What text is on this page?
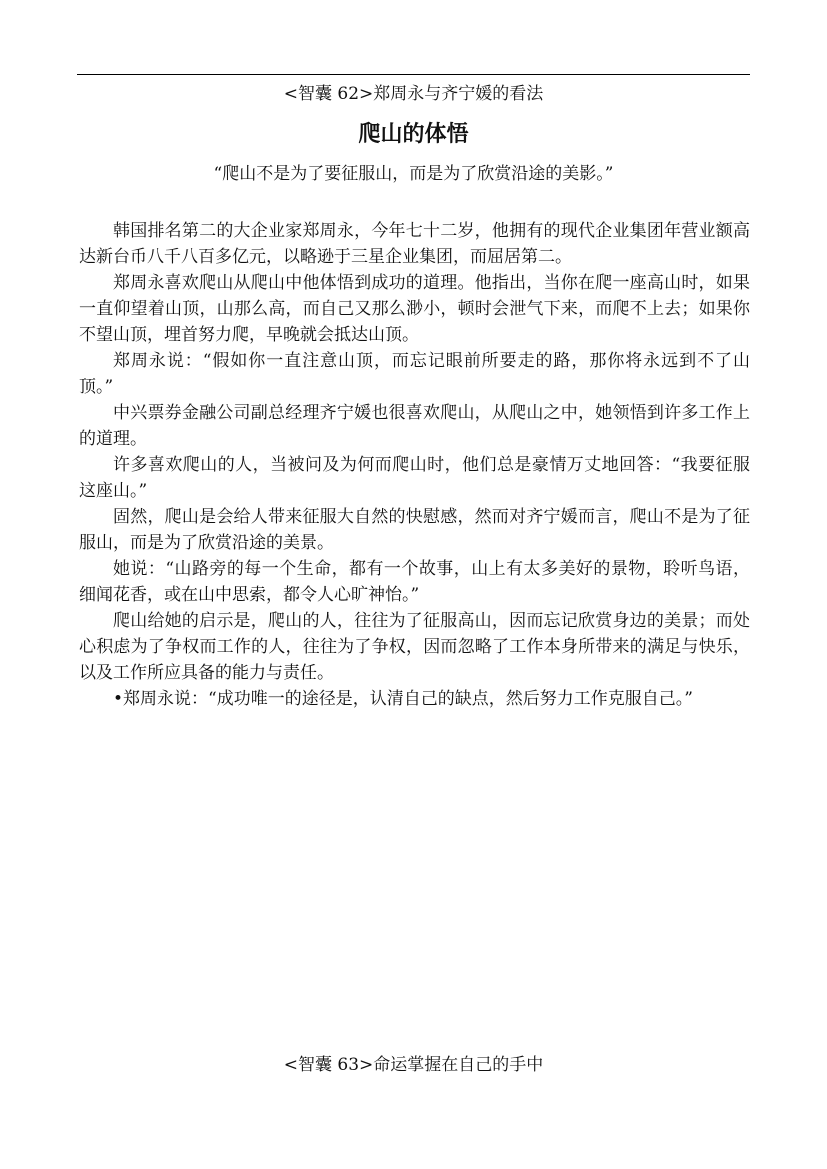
<智囊 62>郑周永与齐宁媛的看法
爬山的体悟
“爬山不是为了要征服山，而是为了欣赏沿途的美影。”

韩国排名第二的大企业家郑周永，今年七十二岁，他拥有的现代企业集团年营业额高达新台币八千八百多亿元，以略逊于三星企业集团，而屈居第二。

郑周永喜欢爬山从爬山中他体悟到成功的道理。他指出，当你在爬一座高山时，如果一直仰望着山顶，山那么高，而自己又那么渺小，顿时会泄气下来，而爬不上去；如果你不望山顶，埋首努力爬，早晚就会抵达山顶。

郑周永说：“假如你一直注意山顶，而忘记眼前所要走的路，那你将永远到不了山顶。”

中兴票券金融公司副总经理齐宁媛也很喜欢爬山，从爬山之中，她领悟到许多工作上的道理。

许多喜欢爬山的人，当被问及为何而爬山时，他们总是豪情万丈地回答：“我要征服这座山。”

固然，爬山是会给人带来征服大自然的快慰感，然而对齐宁媛而言，爬山不是为了征服山，而是为了欣赏沿途的美景。

她说：“山路旁的每一个生命，都有一个故事，山上有太多美好的景物，聆听鸟语，细闻花香，或在山中思索，都令人心旷神怡。”

爬山给她的启示是，爬山的人，往往为了征服高山，因而忘记欣赏身边的美景；而处心积虑为了争权而工作的人，往往为了争权，因而忽略了工作本身所带来的满足与快乐，以及工作所应具备的能力与责任。

•郑周永说：“成功唯一的途径是，认清自己的缺点，然后努力工作克服自己。”

<智囊 63>命运掌握在自己的手中
